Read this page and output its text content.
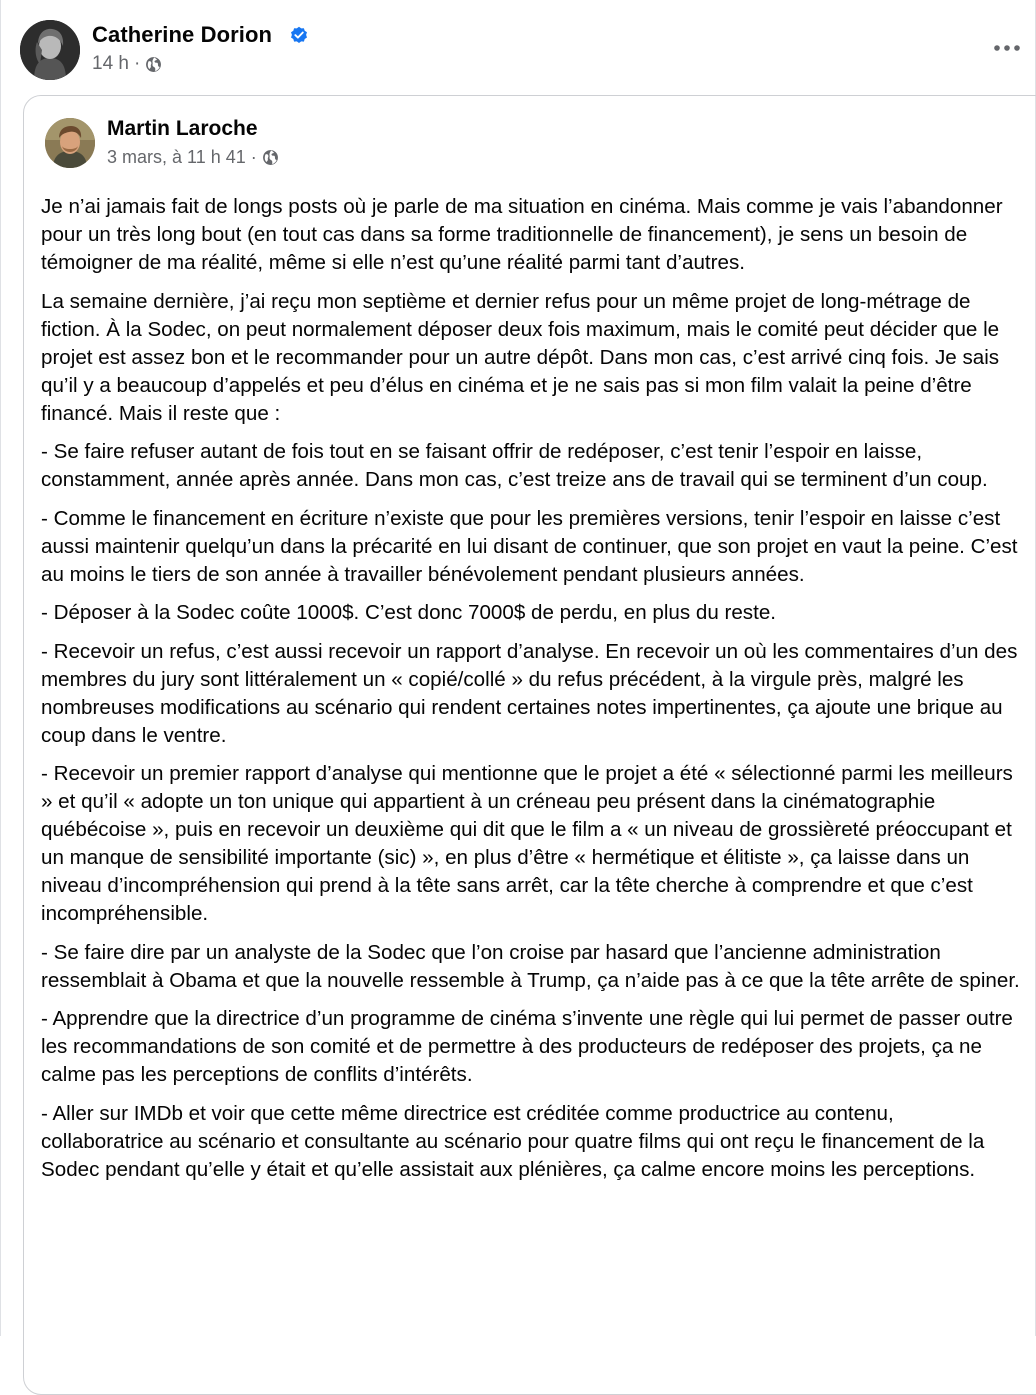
Catherine Dorion
14 h ·
Martin Laroche
3 mars, à 11 h 41 ·

Je n’ai jamais fait de longs posts où je parle de ma situation en cinéma. Mais comme je vais l’abandonner pour un très long bout (en tout cas dans sa forme traditionnelle de financement), je sens un besoin de témoigner de ma réalité, même si elle n’est qu’une réalité parmi tant d’autres.

La semaine dernière, j’ai reçu mon septième et dernier refus pour un même projet de long-métrage de fiction. À la Sodec, on peut normalement déposer deux fois maximum, mais le comité peut décider que le projet est assez bon et le recommander pour un autre dépôt. Dans mon cas, c’est arrivé cinq fois. Je sais qu’il y a beaucoup d’appelés et peu d’élus en cinéma et je ne sais pas si mon film valait la peine d’être financé. Mais il reste que :

- Se faire refuser autant de fois tout en se faisant offrir de redéposer, c’est tenir l’espoir en laisse, constamment, année après année. Dans mon cas, c’est treize ans de travail qui se terminent d’un coup.

- Comme le financement en écriture n’existe que pour les premières versions, tenir l’espoir en laisse c’est aussi maintenir quelqu’un dans la précarité en lui disant de continuer, que son projet en vaut la peine. C’est au moins le tiers de son année à travailler bénévolement pendant plusieurs années.

- Déposer à la Sodec coûte 1000$. C’est donc 7000$ de perdu, en plus du reste.

- Recevoir un refus, c’est aussi recevoir un rapport d’analyse. En recevoir un où les commentaires d’un des membres du jury sont littéralement un « copié/collé » du refus précédent, à la virgule près, malgré les nombreuses modifications au scénario qui rendent certaines notes impertinentes, ça ajoute une brique au coup dans le ventre.

- Recevoir un premier rapport d’analyse qui mentionne que le projet a été « sélectionné parmi les meilleurs » et qu’il « adopte un ton unique qui appartient à un créneau peu présent dans la cinématographie québécoise », puis en recevoir un deuxième qui dit que le film a « un niveau de grossièreté préoccupant et un manque de sensibilité importante (sic) », en plus d’être « hermétique et élitiste », ça laisse dans un niveau d’incompréhension qui prend à la tête sans arrêt, car la tête cherche à comprendre et que c’est incompréhensible.

- Se faire dire par un analyste de la Sodec que l’on croise par hasard que l’ancienne administration ressemblait à Obama et que la nouvelle ressemble à Trump, ça n’aide pas à ce que la tête arrête de spiner.

- Apprendre que la directrice d’un programme de cinéma s’invente une règle qui lui permet de passer outre les recommandations de son comité et de permettre à des producteurs de redéposer des projets, ça ne calme pas les perceptions de conflits d’intérêts.

- Aller sur IMDb et voir que cette même directrice est créditée comme productrice au contenu, collaboratrice au scénario et consultante au scénario pour quatre films qui ont reçu le financement de la Sodec pendant qu’elle y était et qu’elle assistait aux plénières, ça calme encore moins les perceptions.
